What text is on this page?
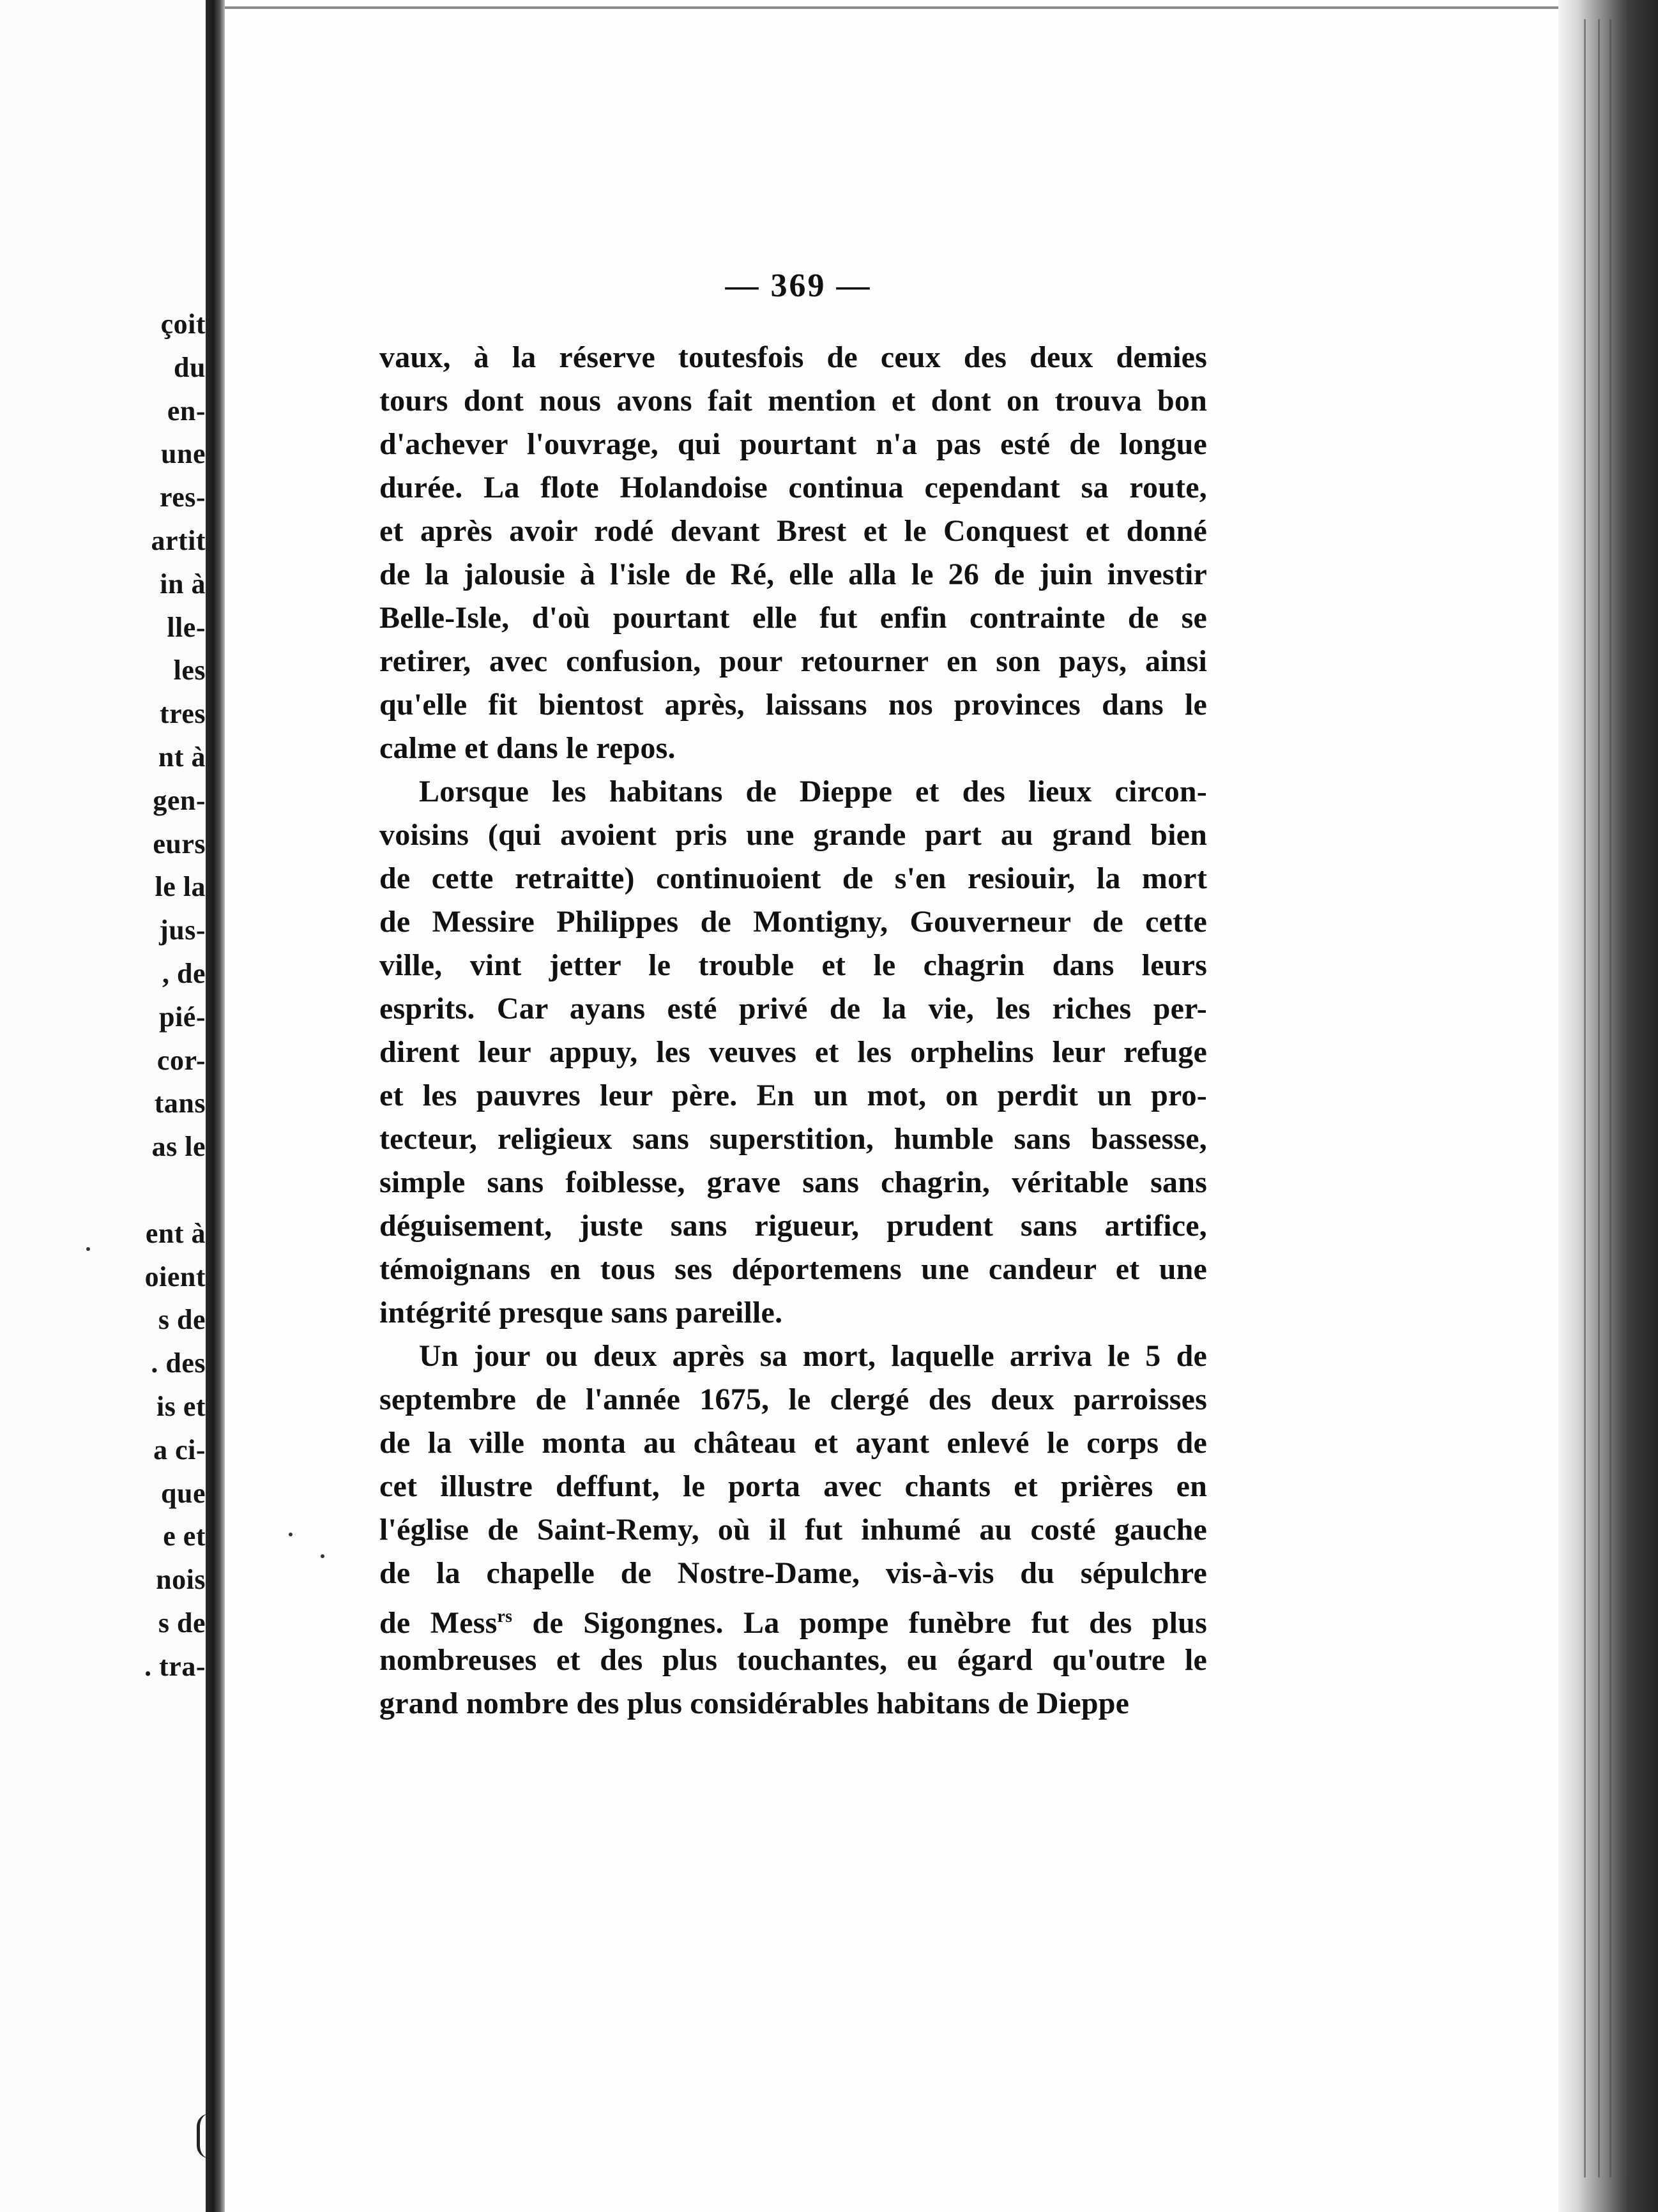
çoit
du
en-
une
res-
artit
in à
lle-
les
tres
nt à
gen-
eurs
le la
jus-
, de
pié-
cor-
tans
as le
ent à
oient
s de
. des
is et
a ci-
que
e et
nois
s de
. tra-
— 369 —
vaux, à la réserve toutesfois de ceux des deux demies
tours dont nous avons fait mention et dont on trouva bon
d'achever l'ouvrage, qui pourtant n'a pas esté de longue
durée. La flote Holandoise continua cependant sa route,
et après avoir rodé devant Brest et le Conquest et donné
de la jalousie à l'isle de Ré, elle alla le 26 de juin investir
Belle-Isle, d'où pourtant elle fut enfin contrainte de se
retirer, avec confusion, pour retourner en son pays, ainsi
qu'elle fit bientost après, laissans nos provinces dans le
calme et dans le repos.
Lorsque les habitans de Dieppe et des lieux circon-
voisins (qui avoient pris une grande part au grand bien
de cette retraitte) continuoient de s'en resiouir, la mort
de Messire Philippes de Montigny, Gouverneur de cette
ville, vint jetter le trouble et le chagrin dans leurs
esprits. Car ayans esté privé de la vie, les riches per-
dirent leur appuy, les veuves et les orphelins leur refuge
et les pauvres leur père. En un mot, on perdit un pro-
tecteur, religieux sans superstition, humble sans bassesse,
simple sans foiblesse, grave sans chagrin, véritable sans
déguisement, juste sans rigueur, prudent sans artifice,
témoignans en tous ses déportemens une candeur et une
intégrité presque sans pareille.
Un jour ou deux après sa mort, laquelle arriva le 5 de
septembre de l'année 1675, le clergé des deux parroisses
de la ville monta au château et ayant enlevé le corps de
cet illustre deffunt, le porta avec chants et prières en
l'église de Saint-Remy, où il fut inhumé au costé gauche
de la chapelle de Nostre-Dame, vis-à-vis du sépulchre
de Mess$^{rs}$ de Sigongnes. La pompe funèbre fut des plus
nombreuses et des plus touchantes, eu égard qu'outre le
grand nombre des plus considérables habitans de Dieppe
